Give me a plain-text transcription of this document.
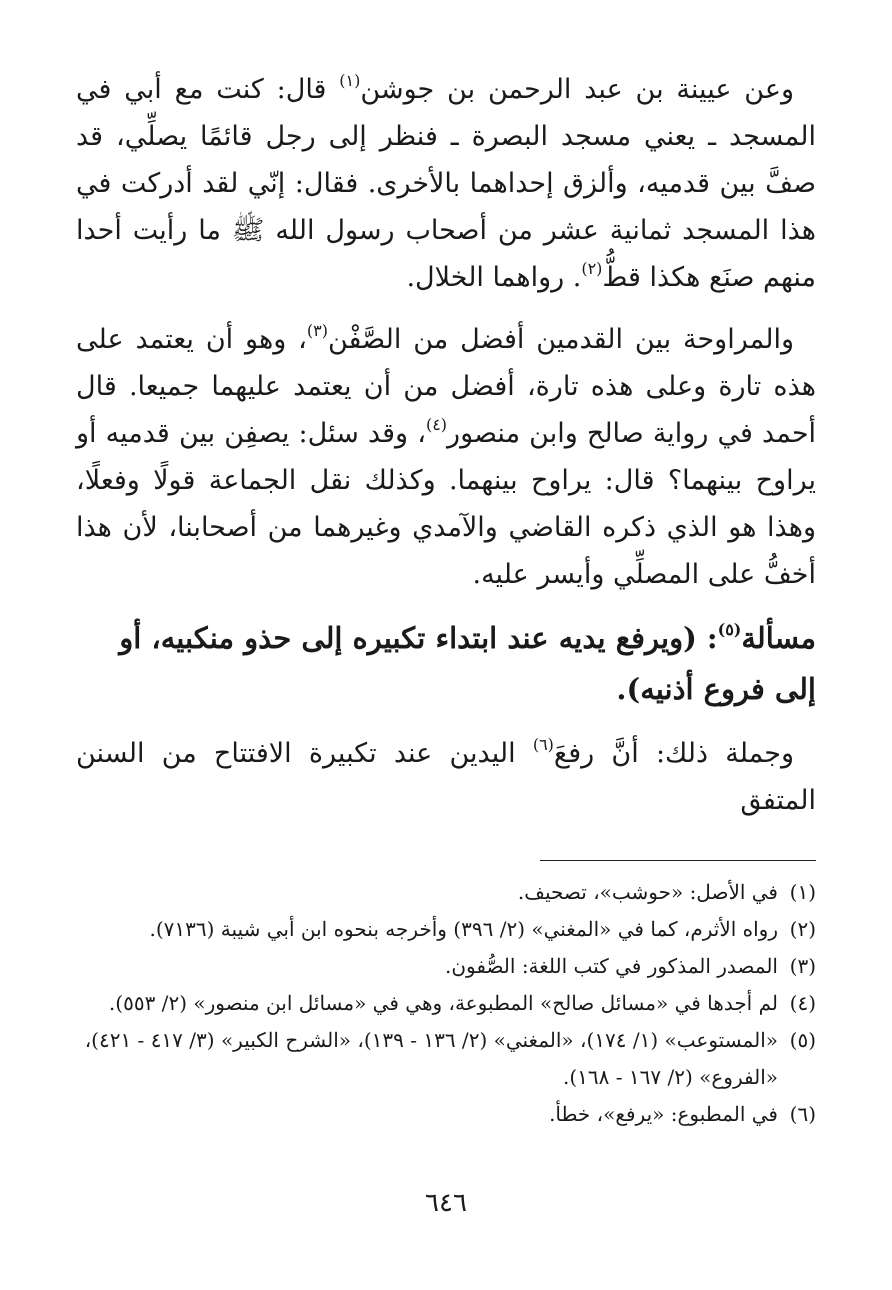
وعن عيينة بن عبد الرحمن بن جوشن$^{(١)}$ قال: كنت مع أبي في المسجد ـ يعني مسجد البصرة ـ فنظر إلى رجل قائمًا يصلِّي، قد صفَّ بين قدميه، وألزق إحداهما بالأخرى. فقال: إنّي لقد أدركت في هذا المسجد ثمانية عشر من أصحاب رسول الله ﷺ ما رأيت أحدا منهم صنَع هكذا قطُّ$^{(٢)}$. رواهما الخلال.

والمراوحة بين القدمين أفضل من الصَّفْن$^{(٣)}$، وهو أن يعتمد على هذه تارة وعلى هذه تارة، أفضل من أن يعتمد عليهما جميعا. قال أحمد في رواية صالح وابن منصور$^{(٤)}$، وقد سئل: يصفِن بين قدميه أو يراوح بينهما؟ قال: يراوح بينهما. وكذلك نقل الجماعة قولًا وفعلًا، وهذا هو الذي ذكره القاضي والآمدي وغيرهما من أصحابنا، لأن هذا أخفُّ على المصلِّي وأيسر عليه.

مسألة$^{(٥)}$: (ويرفع يديه عند ابتداء تكبيره إلى حذو منكبيه، أو إلى فروع أذنيه).

وجملة ذلك: أنَّ رفعَ$^{(٦)}$ اليدين عند تكبيرة الافتتاح من السنن المتفق

(١)
في الأصل: «حوشب»، تصحيف.
(٢)
رواه الأثرم، كما في «المغني» (٢/ ٣٩٦) وأخرجه بنحوه ابن أبي شيبة (٧١٣٦).
(٣)
المصدر المذكور في كتب اللغة: الصُّفون.
(٤)
لم أجدها في «مسائل صالح» المطبوعة، وهي في «مسائل ابن منصور» (٢/ ٥٥٣).
(٥)
«المستوعب» (١/ ١٧٤)، «المغني» (٢/ ١٣٦ - ١٣٩)، «الشرح الكبير» (٣/ ٤١٧ - ٤٢١)، «الفروع» (٢/ ١٦٧ - ١٦٨).
(٦)
في المطبوع: «يرفع»، خطأ.
٦٤٦
